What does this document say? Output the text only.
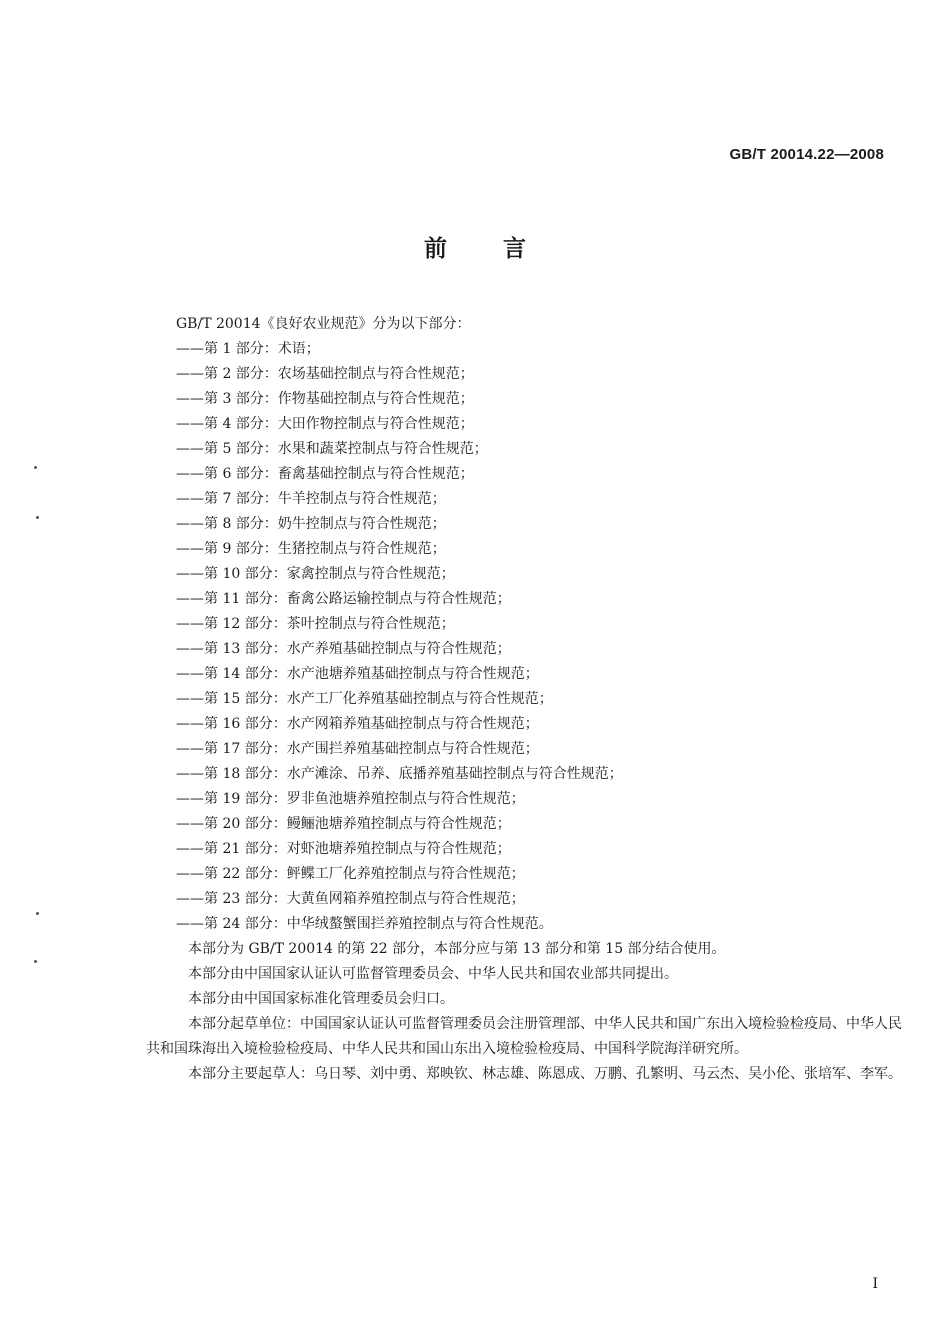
GB/T 20014.22—2008
前言
GB/T 20014《良好农业规范》分为以下部分：
——第 1 部分：术语；
——第 2 部分：农场基础控制点与符合性规范；
——第 3 部分：作物基础控制点与符合性规范；
——第 4 部分：大田作物控制点与符合性规范；
——第 5 部分：水果和蔬菜控制点与符合性规范；
——第 6 部分：畜禽基础控制点与符合性规范；
——第 7 部分：牛羊控制点与符合性规范；
——第 8 部分：奶牛控制点与符合性规范；
——第 9 部分：生猪控制点与符合性规范；
——第 10 部分：家禽控制点与符合性规范；
——第 11 部分：畜禽公路运输控制点与符合性规范；
——第 12 部分：茶叶控制点与符合性规范；
——第 13 部分：水产养殖基础控制点与符合性规范；
——第 14 部分：水产池塘养殖基础控制点与符合性规范；
——第 15 部分：水产工厂化养殖基础控制点与符合性规范；
——第 16 部分：水产网箱养殖基础控制点与符合性规范；
——第 17 部分：水产围拦养殖基础控制点与符合性规范；
——第 18 部分：水产滩涂、吊养、底播养殖基础控制点与符合性规范；
——第 19 部分：罗非鱼池塘养殖控制点与符合性规范；
——第 20 部分：鳗鲡池塘养殖控制点与符合性规范；
——第 21 部分：对虾池塘养殖控制点与符合性规范；
——第 22 部分：鲆鲽工厂化养殖控制点与符合性规范；
——第 23 部分：大黄鱼网箱养殖控制点与符合性规范；
——第 24 部分：中华绒螯蟹围拦养殖控制点与符合性规范。

本部分为 GB/T 20014 的第 22 部分，本部分应与第 13 部分和第 15 部分结合使用。

本部分由中国国家认证认可监督管理委员会、中华人民共和国农业部共同提出。

本部分由中国国家标准化管理委员会归口。

本部分起草单位：中国国家认证认可监督管理委员会注册管理部、中华人民共和国广东出入境检验检疫局、中华人民共和国珠海出入境检验检疫局、中华人民共和国山东出入境检验检疫局、中国科学院海洋研究所。

本部分主要起草人：乌日琴、刘中勇、郑映钦、林志雄、陈恩成、万鹏、孔繁明、马云杰、吴小伦、张培军、李军。

I
